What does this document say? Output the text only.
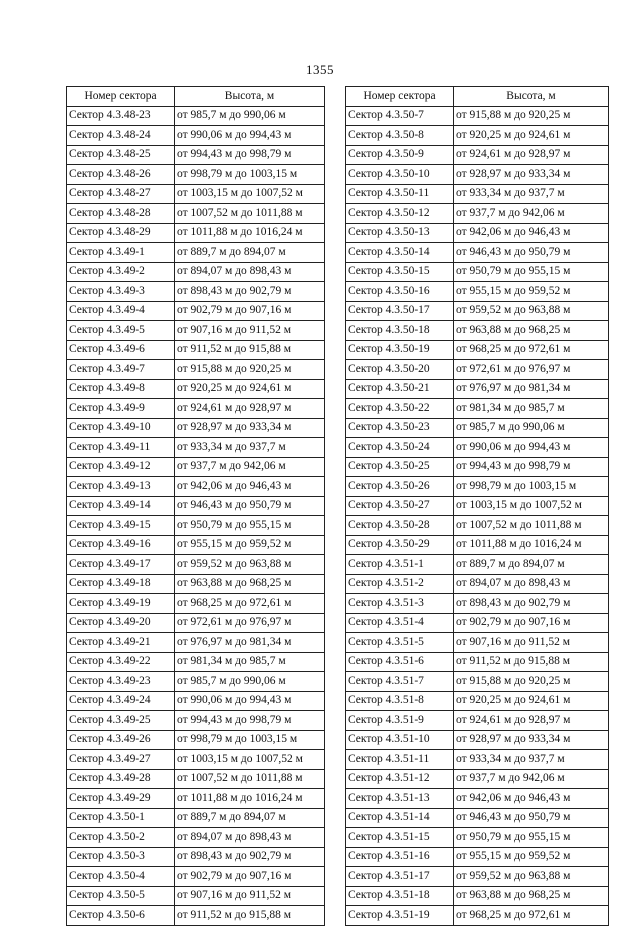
1355
Номер сектора	Высота, м
Сектор 4.3.48-23	от 985,7 м до 990,06 м
Сектор 4.3.48-24	от 990,06 м до 994,43 м
Сектор 4.3.48-25	от 994,43 м до 998,79 м
Сектор 4.3.48-26	от 998,79 м до 1003,15 м
Сектор 4.3.48-27	от 1003,15 м до 1007,52 м
Сектор 4.3.48-28	от 1007,52 м до 1011,88 м
Сектор 4.3.48-29	от 1011,88 м до 1016,24 м
Сектор 4.3.49-1	от 889,7 м до 894,07 м
Сектор 4.3.49-2	от 894,07 м до 898,43 м
Сектор 4.3.49-3	от 898,43 м до 902,79 м
Сектор 4.3.49-4	от 902,79 м до 907,16 м
Сектор 4.3.49-5	от 907,16 м до 911,52 м
Сектор 4.3.49-6	от 911,52 м до 915,88 м
Сектор 4.3.49-7	от 915,88 м до 920,25 м
Сектор 4.3.49-8	от 920,25 м до 924,61 м
Сектор 4.3.49-9	от 924,61 м до 928,97 м
Сектор 4.3.49-10	от 928,97 м до 933,34 м
Сектор 4.3.49-11	от 933,34 м до 937,7 м
Сектор 4.3.49-12	от 937,7 м до 942,06 м
Сектор 4.3.49-13	от 942,06 м до 946,43 м
Сектор 4.3.49-14	от 946,43 м до 950,79 м
Сектор 4.3.49-15	от 950,79 м до 955,15 м
Сектор 4.3.49-16	от 955,15 м до 959,52 м
Сектор 4.3.49-17	от 959,52 м до 963,88 м
Сектор 4.3.49-18	от 963,88 м до 968,25 м
Сектор 4.3.49-19	от 968,25 м до 972,61 м
Сектор 4.3.49-20	от 972,61 м до 976,97 м
Сектор 4.3.49-21	от 976,97 м до 981,34 м
Сектор 4.3.49-22	от 981,34 м до 985,7 м
Сектор 4.3.49-23	от 985,7 м до 990,06 м
Сектор 4.3.49-24	от 990,06 м до 994,43 м
Сектор 4.3.49-25	от 994,43 м до 998,79 м
Сектор 4.3.49-26	от 998,79 м до 1003,15 м
Сектор 4.3.49-27	от 1003,15 м до 1007,52 м
Сектор 4.3.49-28	от 1007,52 м до 1011,88 м
Сектор 4.3.49-29	от 1011,88 м до 1016,24 м
Сектор 4.3.50-1	от 889,7 м до 894,07 м
Сектор 4.3.50-2	от 894,07 м до 898,43 м
Сектор 4.3.50-3	от 898,43 м до 902,79 м
Сектор 4.3.50-4	от 902,79 м до 907,16 м
Сектор 4.3.50-5	от 907,16 м до 911,52 м
Сектор 4.3.50-6	от 911,52 м до 915,88 м
Номер сектора	Высота, м
Сектор 4.3.50-7	от 915,88 м до 920,25 м
Сектор 4.3.50-8	от 920,25 м до 924,61 м
Сектор 4.3.50-9	от 924,61 м до 928,97 м
Сектор 4.3.50-10	от 928,97 м до 933,34 м
Сектор 4.3.50-11	от 933,34 м до 937,7 м
Сектор 4.3.50-12	от 937,7 м до 942,06 м
Сектор 4.3.50-13	от 942,06 м до 946,43 м
Сектор 4.3.50-14	от 946,43 м до 950,79 м
Сектор 4.3.50-15	от 950,79 м до 955,15 м
Сектор 4.3.50-16	от 955,15 м до 959,52 м
Сектор 4.3.50-17	от 959,52 м до 963,88 м
Сектор 4.3.50-18	от 963,88 м до 968,25 м
Сектор 4.3.50-19	от 968,25 м до 972,61 м
Сектор 4.3.50-20	от 972,61 м до 976,97 м
Сектор 4.3.50-21	от 976,97 м до 981,34 м
Сектор 4.3.50-22	от 981,34 м до 985,7 м
Сектор 4.3.50-23	от 985,7 м до 990,06 м
Сектор 4.3.50-24	от 990,06 м до 994,43 м
Сектор 4.3.50-25	от 994,43 м до 998,79 м
Сектор 4.3.50-26	от 998,79 м до 1003,15 м
Сектор 4.3.50-27	от 1003,15 м до 1007,52 м
Сектор 4.3.50-28	от 1007,52 м до 1011,88 м
Сектор 4.3.50-29	от 1011,88 м до 1016,24 м
Сектор 4.3.51-1	от 889,7 м до 894,07 м
Сектор 4.3.51-2	от 894,07 м до 898,43 м
Сектор 4.3.51-3	от 898,43 м до 902,79 м
Сектор 4.3.51-4	от 902,79 м до 907,16 м
Сектор 4.3.51-5	от 907,16 м до 911,52 м
Сектор 4.3.51-6	от 911,52 м до 915,88 м
Сектор 4.3.51-7	от 915,88 м до 920,25 м
Сектор 4.3.51-8	от 920,25 м до 924,61 м
Сектор 4.3.51-9	от 924,61 м до 928,97 м
Сектор 4.3.51-10	от 928,97 м до 933,34 м
Сектор 4.3.51-11	от 933,34 м до 937,7 м
Сектор 4.3.51-12	от 937,7 м до 942,06 м
Сектор 4.3.51-13	от 942,06 м до 946,43 м
Сектор 4.3.51-14	от 946,43 м до 950,79 м
Сектор 4.3.51-15	от 950,79 м до 955,15 м
Сектор 4.3.51-16	от 955,15 м до 959,52 м
Сектор 4.3.51-17	от 959,52 м до 963,88 м
Сектор 4.3.51-18	от 963,88 м до 968,25 м
Сектор 4.3.51-19	от 968,25 м до 972,61 м
